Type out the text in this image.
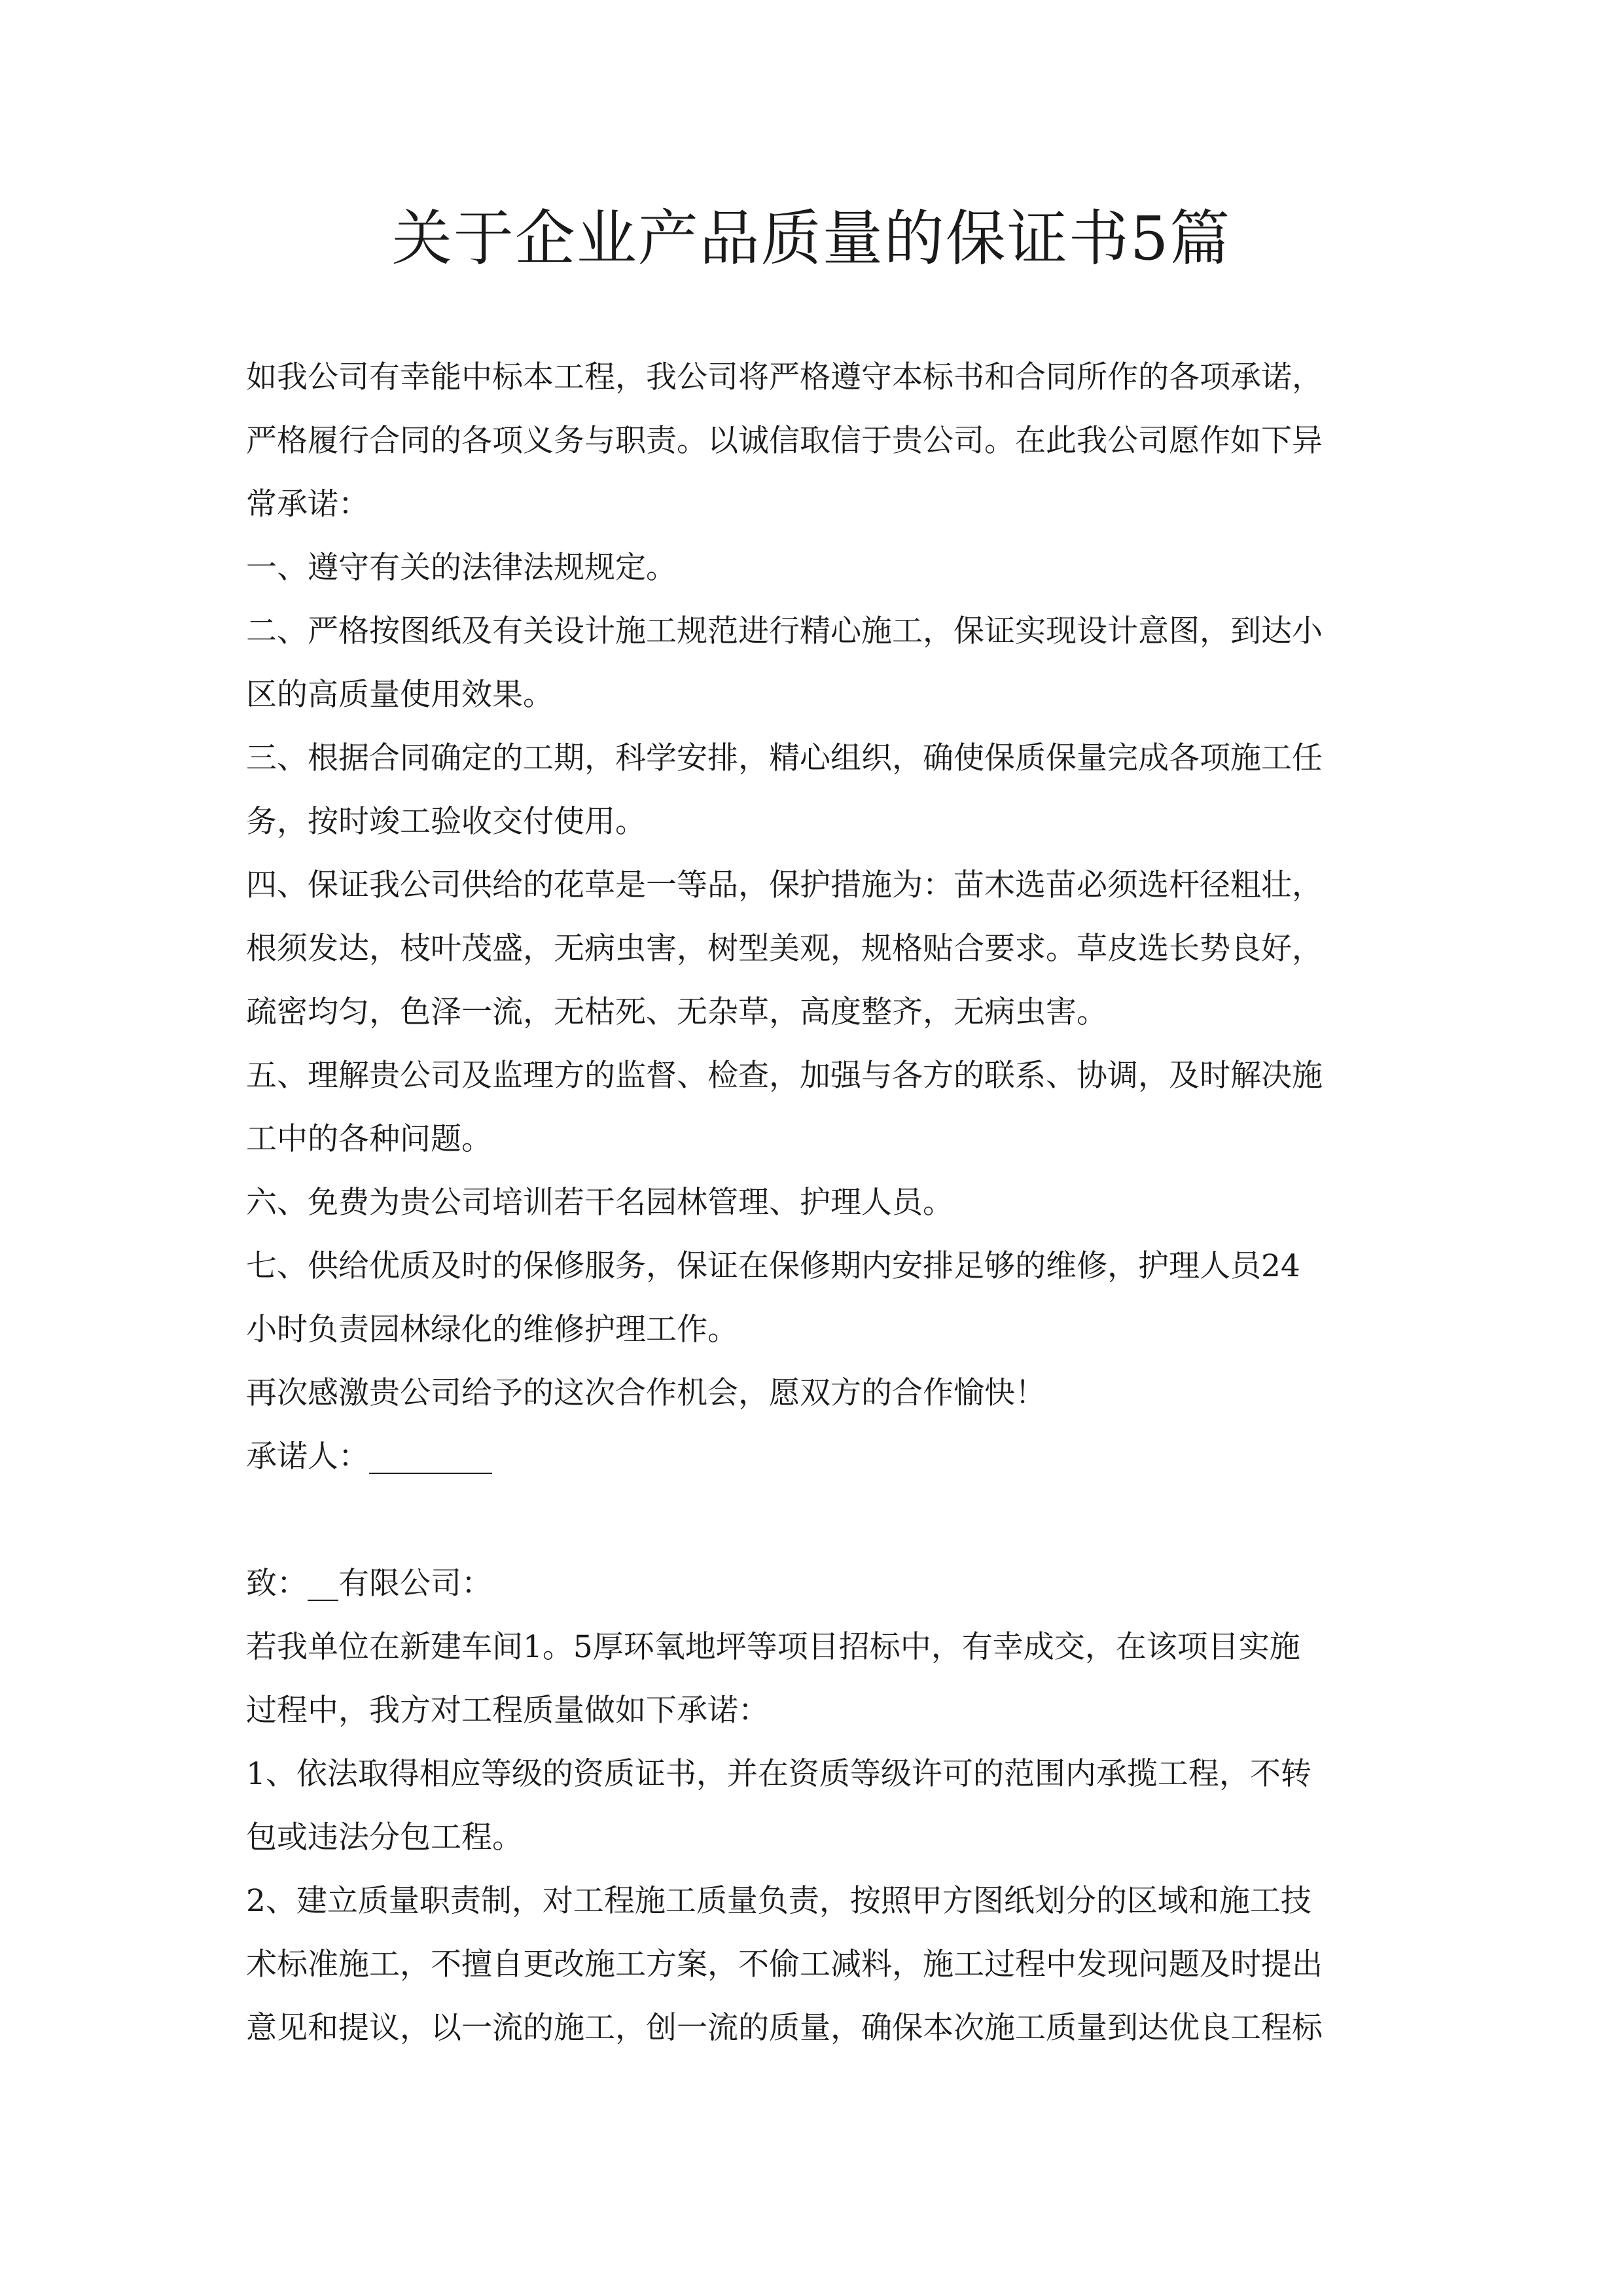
关于企业产品质量的保证书5篇
如我公司有幸能中标本工程，我公司将严格遵守本标书和合同所作的各项承诺，
严格履行合同的各项义务与职责。以诚信取信于贵公司。在此我公司愿作如下异
常承诺：
一、遵守有关的法律法规规定。
二、严格按图纸及有关设计施工规范进行精心施工，保证实现设计意图，到达小
区的高质量使用效果。
三、根据合同确定的工期，科学安排，精心组织，确使保质保量完成各项施工任
务，按时竣工验收交付使用。
四、保证我公司供给的花草是一等品，保护措施为：苗木选苗必须选杆径粗壮，
根须发达，枝叶茂盛，无病虫害，树型美观，规格贴合要求。草皮选长势良好，
疏密均匀，色泽一流，无枯死、无杂草，高度整齐，无病虫害。
五、理解贵公司及监理方的监督、检查，加强与各方的联系、协调，及时解决施
工中的各种问题。
六、免费为贵公司培训若干名园林管理、护理人员。
七、供给优质及时的保修服务，保证在保修期内安排足够的维修，护理人员24
小时负责园林绿化的维修护理工作。
再次感激贵公司给予的这次合作机会，愿双方的合作愉快！
承诺人：________
致：__有限公司：
若我单位在新建车间1。5厚环氧地坪等项目招标中，有幸成交，在该项目实施
过程中，我方对工程质量做如下承诺：
1、依法取得相应等级的资质证书，并在资质等级许可的范围内承揽工程，不转
包或违法分包工程。
2、建立质量职责制，对工程施工质量负责，按照甲方图纸划分的区域和施工技
术标准施工，不擅自更改施工方案，不偷工减料，施工过程中发现问题及时提出
意见和提议，以一流的施工，创一流的质量，确保本次施工质量到达优良工程标
